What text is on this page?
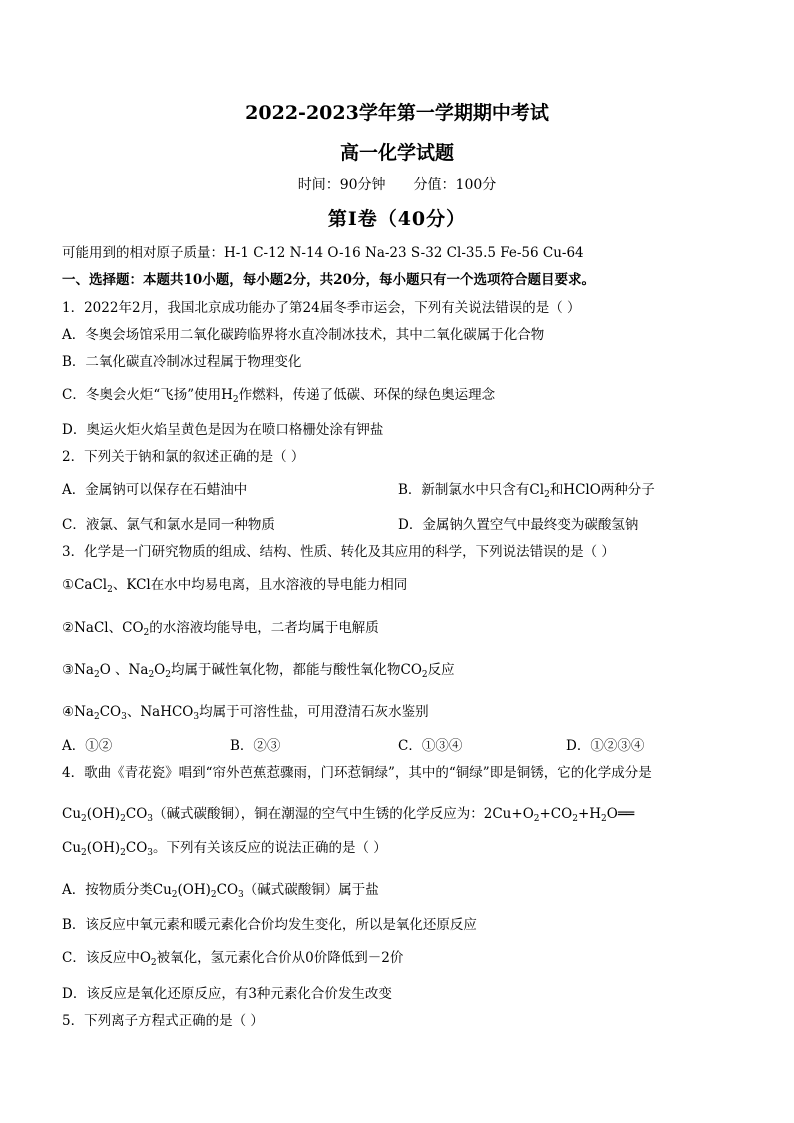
2022-2023学年第一学期期中考试
高一化学试题
时间：90分钟 分值：100分
第Ⅰ卷（40分）
可能用到的相对原子质量：H-1 C-12 N-14 O-16 Na-23 S-32 Cl-35.5 Fe-56 Cu-64
一、选择题：本题共10小题，每小题2分，共20分，每小题只有一个选项符合题目要求。
1．2022年2月，我国北京成功能办了第24届冬季市运会，下列有关说法错误的是（ ）
A．冬奥会场馆采用二氧化碳跨临界将水直冷制冰技术，其中二氧化碳属于化合物
B．二氧化碳直冷制冰过程属于物理变化
C．冬奥会火炬“飞扬”使用$H_2$作燃料，传递了低碳、环保的绿色奥运理念
D．奥运火炬火焰呈黄色是因为在喷口格栅处涂有钾盐
2．下列关于钠和氯的叙述正确的是（ ）
A．金属钠可以保存在石蜡油中	B．新制氯水中只含有$Cl_2$和HClO两种分子
C．液氯、氯气和氯水是同一种物质	D．金属钠久置空气中最终变为碳酸氢钠
3．化学是一门研究物质的组成、结构、性质、转化及其应用的科学，下列说法错误的是（ ）
①CaCl$_2$、KCl在水中均易电离，且水溶液的导电能力相同
②NaCl、$CO_2$的水溶液均能导电，二者均属于电解质
$③Na_2O$ 、$Na_2O_2$均属于碱性氧化物，都能与酸性氧化物$CO_2$反应
$④Na_2CO_3$、NaHCO$_3$均属于可溶性盐，可用澄清石灰水鉴别
A．①②	B．②③	C．①③④	D．①②③④
4．歌曲《青花瓷》唱到“帘外芭蕉惹骤雨，门环惹铜绿”，其中的“铜绿”即是铜锈，它的化学成分是
$Cu_2(OH)_2CO_3$（碱式碳酸铜），铜在潮湿的空气中生锈的化学反应为：$2Cu+O_2+CO_2+H_2O══$
$Cu_2(OH)_2CO_3$。下列有关该反应的说法正确的是（ ）
A．按物质分类$Cu_2(OH)_2CO_3$（碱式碳酸铜）属于盐
B．该反应中氧元素和暖元素化合价均发生变化，所以是氧化还原反应
C．该反应中$O_2$被氧化，氢元素化合价从0价降低到－2价
D．该反应是氧化还原反应，有3种元素化合价发生改变
5．下列离子方程式正确的是（ ）
